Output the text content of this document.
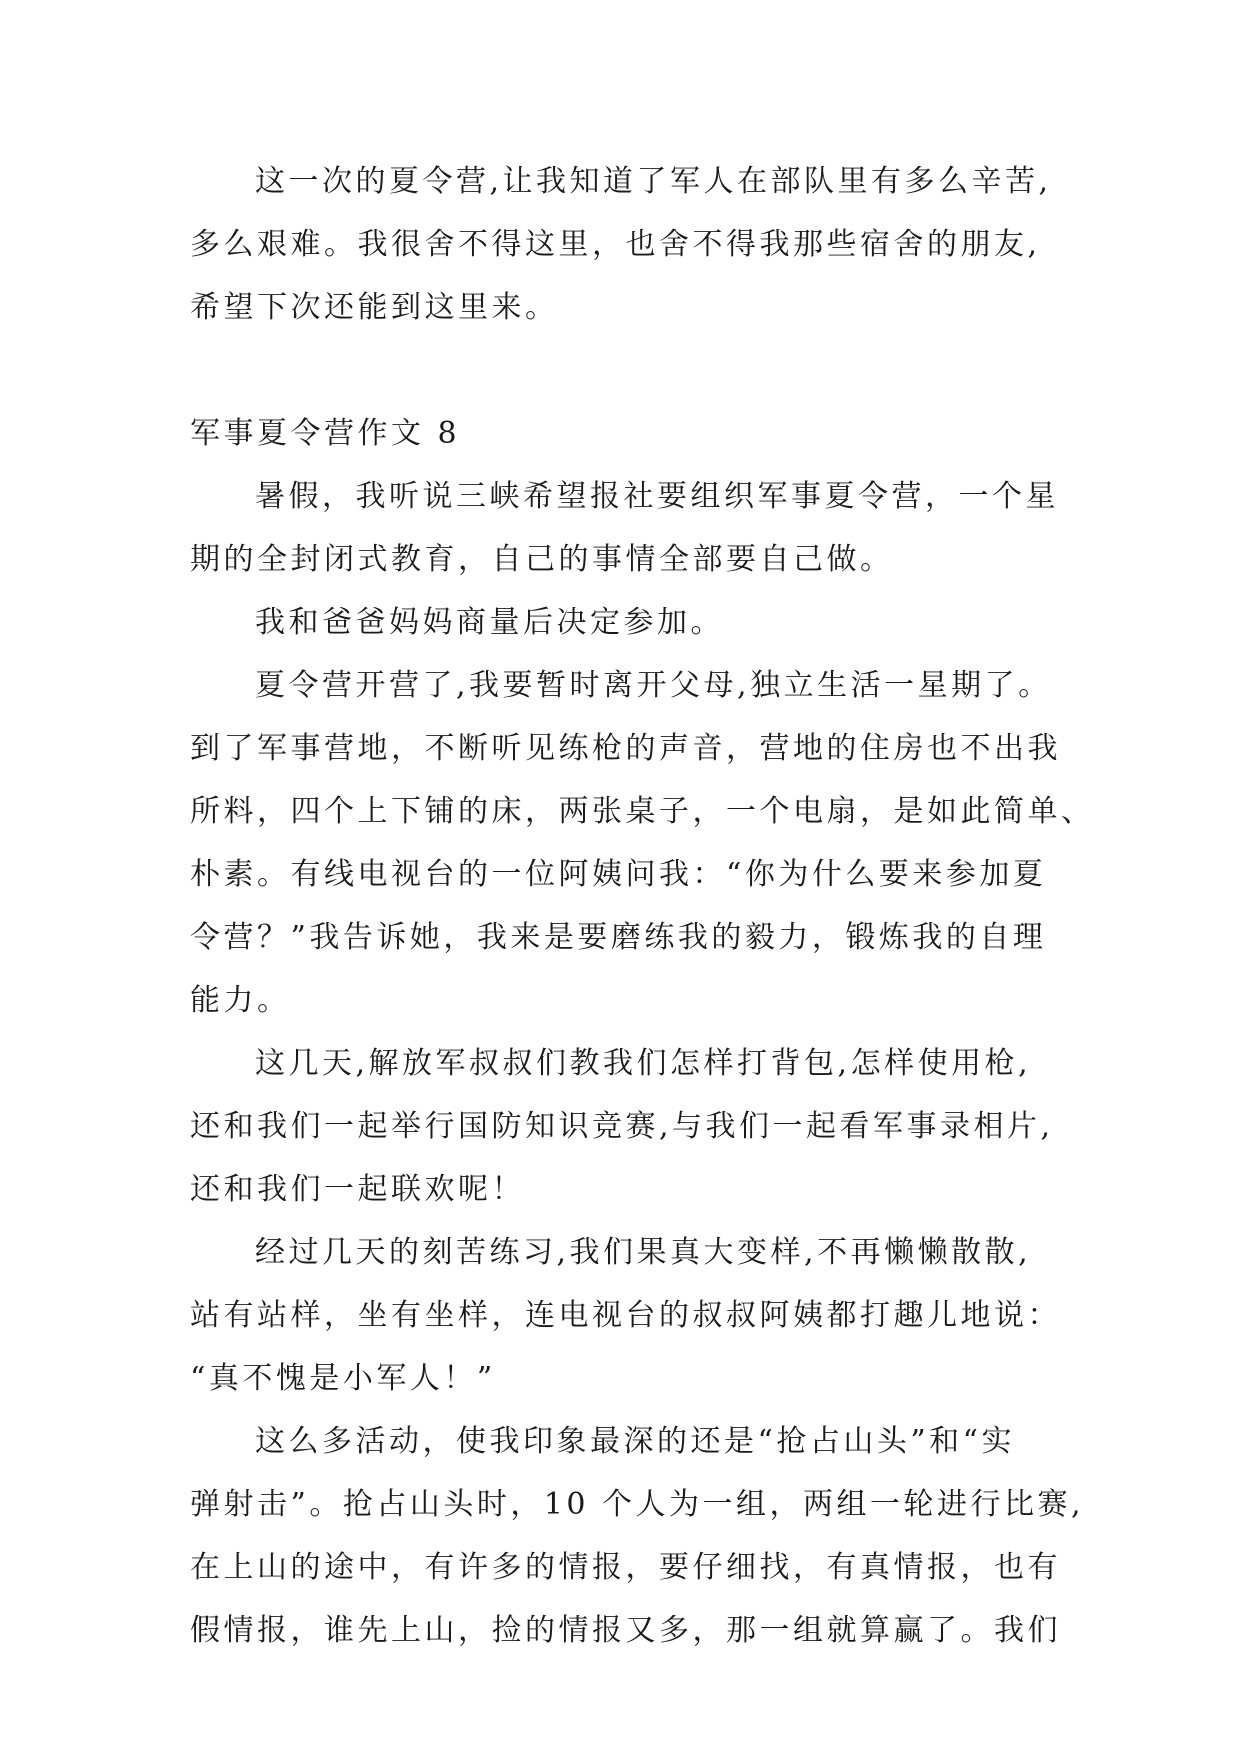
这一次的夏令营,让我知道了军人在部队里有多么辛苦,
多么艰难。我很舍不得这里，也舍不得我那些宿舍的朋友,
希望下次还能到这里来。
军事夏令营作文 8
暑假，我听说三峡希望报社要组织军事夏令营，一个星
期的全封闭式教育，自己的事情全部要自己做。
我和爸爸妈妈商量后决定参加。
夏令营开营了,我要暂时离开父母,独立生活一星期了。
到了军事营地，不断听见练枪的声音，营地的住房也不出我
所料，四个上下铺的床，两张桌子，一个电扇，是如此简单、
朴素。有线电视台的一位阿姨问我：“你为什么要来参加夏
令营？”我告诉她，我来是要磨练我的毅力，锻炼我的自理
能力。
这几天,解放军叔叔们教我们怎样打背包,怎样使用枪,
还和我们一起举行国防知识竞赛,与我们一起看军事录相片,
还和我们一起联欢呢！
经过几天的刻苦练习,我们果真大变样,不再懒懒散散,
站有站样，坐有坐样，连电视台的叔叔阿姨都打趣儿地说：
“真不愧是小军人！”
这么多活动，使我印象最深的还是“抢占山头”和“实
弹射击”。抢占山头时，10 个人为一组，两组一轮进行比赛,
在上山的途中，有许多的情报，要仔细找，有真情报，也有
假情报，谁先上山，捡的情报又多，那一组就算赢了。我们
